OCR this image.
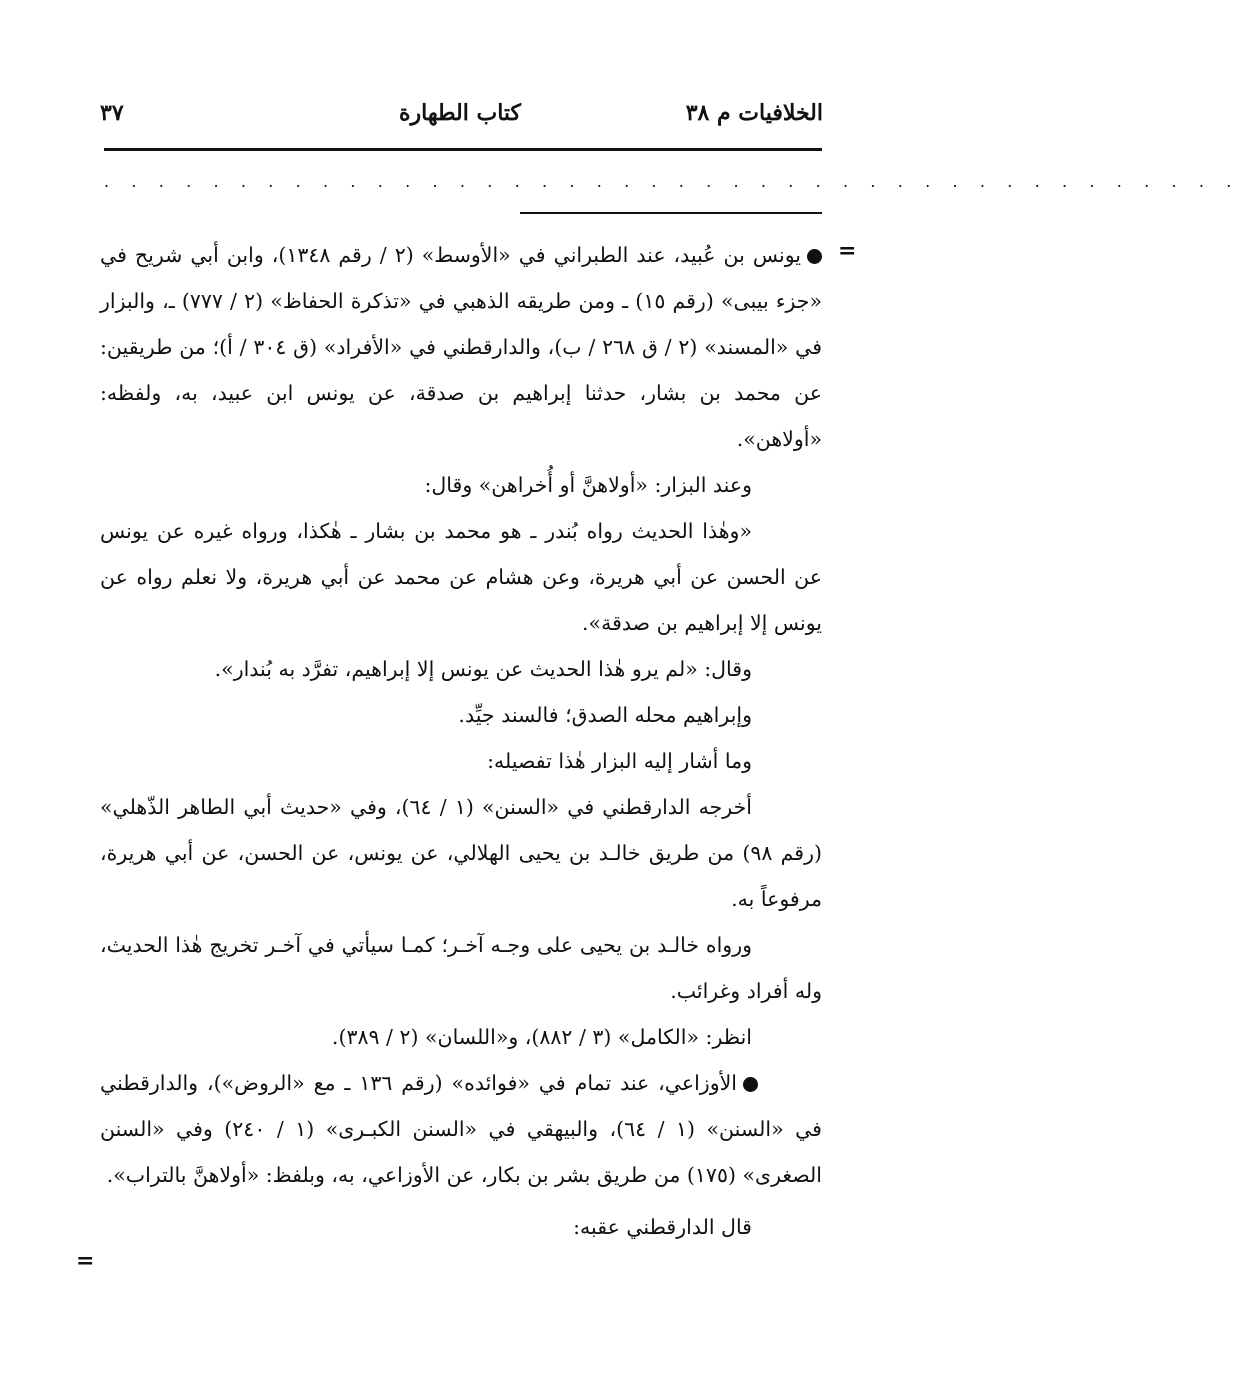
الخلافيات م ٣٨
كتاب الطهارة
٣٧
. . . . . . . . . . . . . . . . . . . . . . . . . . . . . . . . . . . . . . . . . .
=
=

يونس بن عُبيد، عند الطبراني في «الأوسط» (٢ / رقم ١٣٤٨)، وابن أبي شريح في «جزء بيبى» (رقم ١٥) ـ ومن طريقه الذهبي في «تذكرة الحفاظ» (٢ / ٧٧٧) ـ، والبزار في «المسند» (٢ / ق ٢٦٨ / ب)، والدارقطني في «الأفراد» (ق ٣٠٤ / أ)؛ من طريقين: عن محمد بن بشار، حدثنا إبراهيم بن صدقة، عن يونس ابن عبيد، به، ولفظه: «أولاهن».

وعند البزار: «أولاهنَّ أو أُخراهن» وقال:

«وهٰذا الحديث رواه بُندر ـ هو محمد بن بشار ـ هٰكذا، ورواه غيره عن يونس عن الحسن عن أبي هريرة، وعن هشام عن محمد عن أبي هريرة، ولا نعلم رواه عن يونس إلا إبراهيم بن صدقة».

وقال: «لم يرو هٰذا الحديث عن يونس إلا إبراهيم، تفرَّد به بُندار».

وإبراهيم محله الصدق؛ فالسند جيِّد.

وما أشار إليه البزار هٰذا تفصيله:

أخرجه الدارقطني في «السنن» (١ / ٦٤)، وفي «حديث أبي الطاهر الذّهلي» (رقم ٩٨) من طريق خالـد بن يحيى الهلالي، عن يونس، عن الحسن، عن أبي هريرة، مرفوعاً به.

ورواه خالـد بن يحيى على وجـه آخـر؛ كمـا سيأتي في آخـر تخريج هٰذا الحديث، وله أفراد وغرائب.

انظر: «الكامل» (٣ / ٨٨٢)، و«اللسان» (٢ / ٣٨٩).

الأوزاعي، عند تمام في «فوائده» (رقم ١٣٦ ـ مع «الروض»)، والدارقطني في «السنن» (١ / ٦٤)، والبيهقي في «السنن الكبـرى» (١ / ٢٤٠) وفي «السنن الصغرى» (١٧٥) من طريق بشر بن بكار، عن الأوزاعي، به، وبلفظ: «أولاهنَّ بالتراب».

قال الدارقطني عقبه:
